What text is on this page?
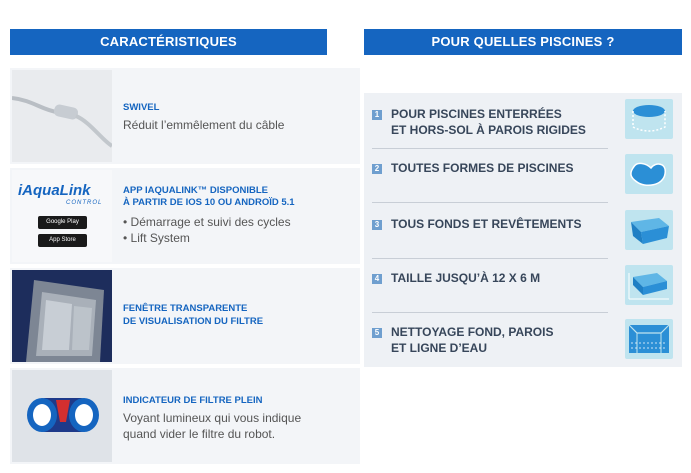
CARACTÉRISTIQUES	POUR QUELLES PISCINES ?
SWIVEL
Réduit l’emmêlement du câble
iAquaLink
CONTROL
Google Play
App Store
APP IAQUALINK™ DISPONIBLE
À PARTIR DE IOS 10 OU ANDROÏD 5.1
• Démarrage et suivi des cycles
• Lift System
FENÊTRE TRANSPARENTE
DE VISUALISATION DU FILTRE
INDICATEUR DE FILTRE PLEIN
Voyant lumineux qui vous indique
quand vider le filtre du robot.
1 POUR PISCINES ENTERRÉES
ET HORS-SOL À PAROIS RIGIDES
2 TOUTES FORMES DE PISCINES
3 TOUS FONDS ET REVÊTEMENTS
4 TAILLE JUSQU’À 12 X 6 M
5 NETTOYAGE FOND, PAROIS
ET LIGNE D’EAU
